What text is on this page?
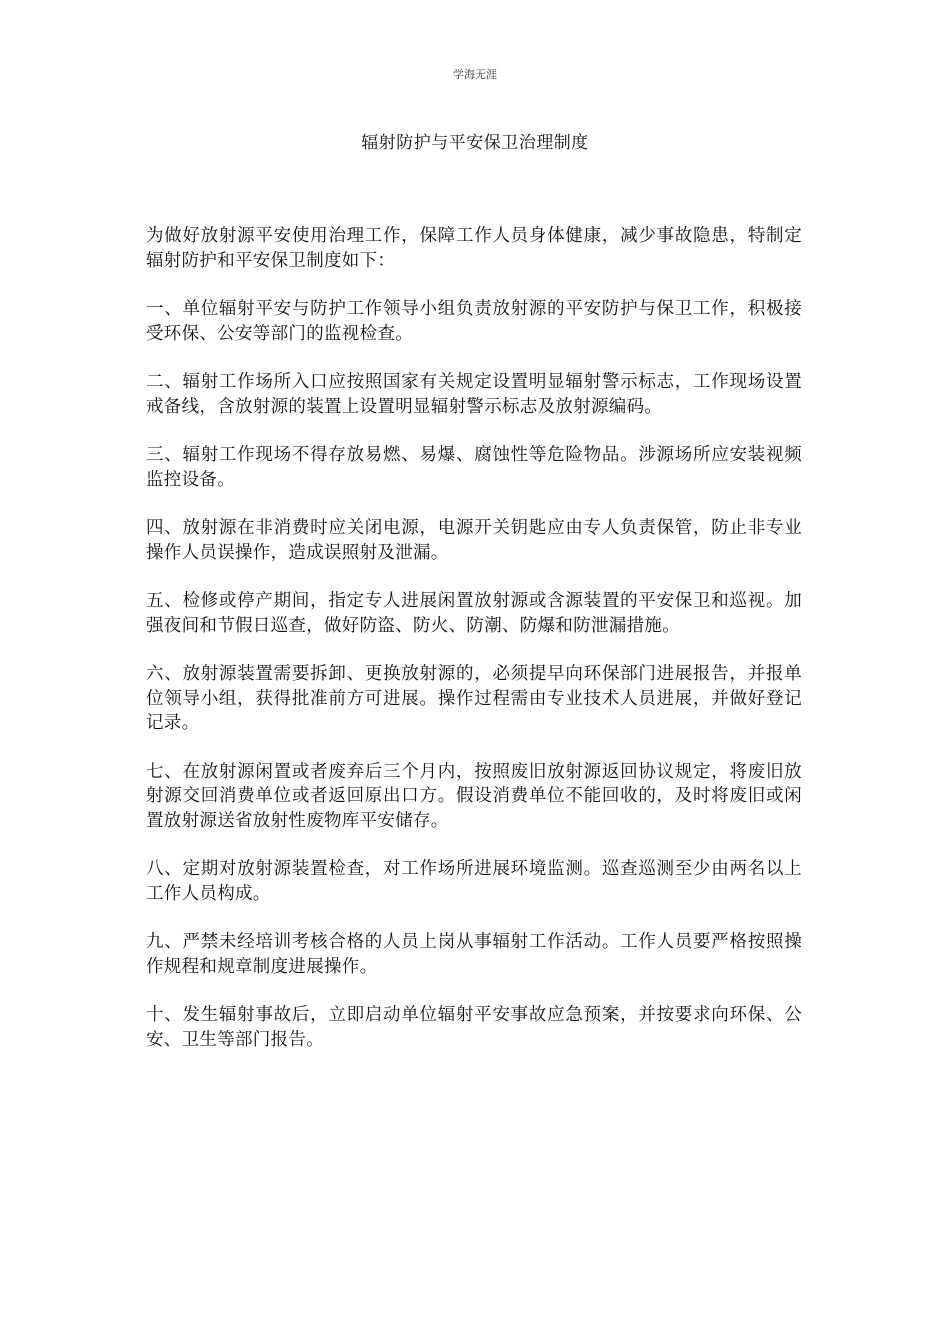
学海无涯
辐射防护与平安保卫治理制度

为做好放射源平安使用治理工作，保障工作人员身体健康，减少事故隐患，特制定辐射防护和平安保卫制度如下：

一、单位辐射平安与防护工作领导小组负责放射源的平安防护与保卫工作，积极接受环保、公安等部门的监视检查。

二、辐射工作场所入口应按照国家有关规定设置明显辐射警示标志，工作现场设置戒备线，含放射源的装置上设置明显辐射警示标志及放射源编码。

三、辐射工作现场不得存放易燃、易爆、腐蚀性等危险物品。涉源场所应安装视频监控设备。

四、放射源在非消费时应关闭电源，电源开关钥匙应由专人负责保管，防止非专业操作人员误操作，造成误照射及泄漏。

五、检修或停产期间，指定专人进展闲置放射源或含源装置的平安保卫和巡视。加强夜间和节假日巡查，做好防盗、防火、防潮、防爆和防泄漏措施。

六、放射源装置需要拆卸、更换放射源的，必须提早向环保部门进展报告，并报单位领导小组，获得批准前方可进展。操作过程需由专业技术人员进展，并做好登记记录。

七、在放射源闲置或者废弃后三个月内，按照废旧放射源返回协议规定，将废旧放射源交回消费单位或者返回原出口方。假设消费单位不能回收的，及时将废旧或闲置放射源送省放射性废物库平安储存。

八、定期对放射源装置检查，对工作场所进展环境监测。巡查巡测至少由两名以上工作人员构成。

九、严禁未经培训考核合格的人员上岗从事辐射工作活动。工作人员要严格按照操作规程和规章制度进展操作。

十、发生辐射事故后，立即启动单位辐射平安事故应急预案，并按要求向环保、公安、卫生等部门报告。
